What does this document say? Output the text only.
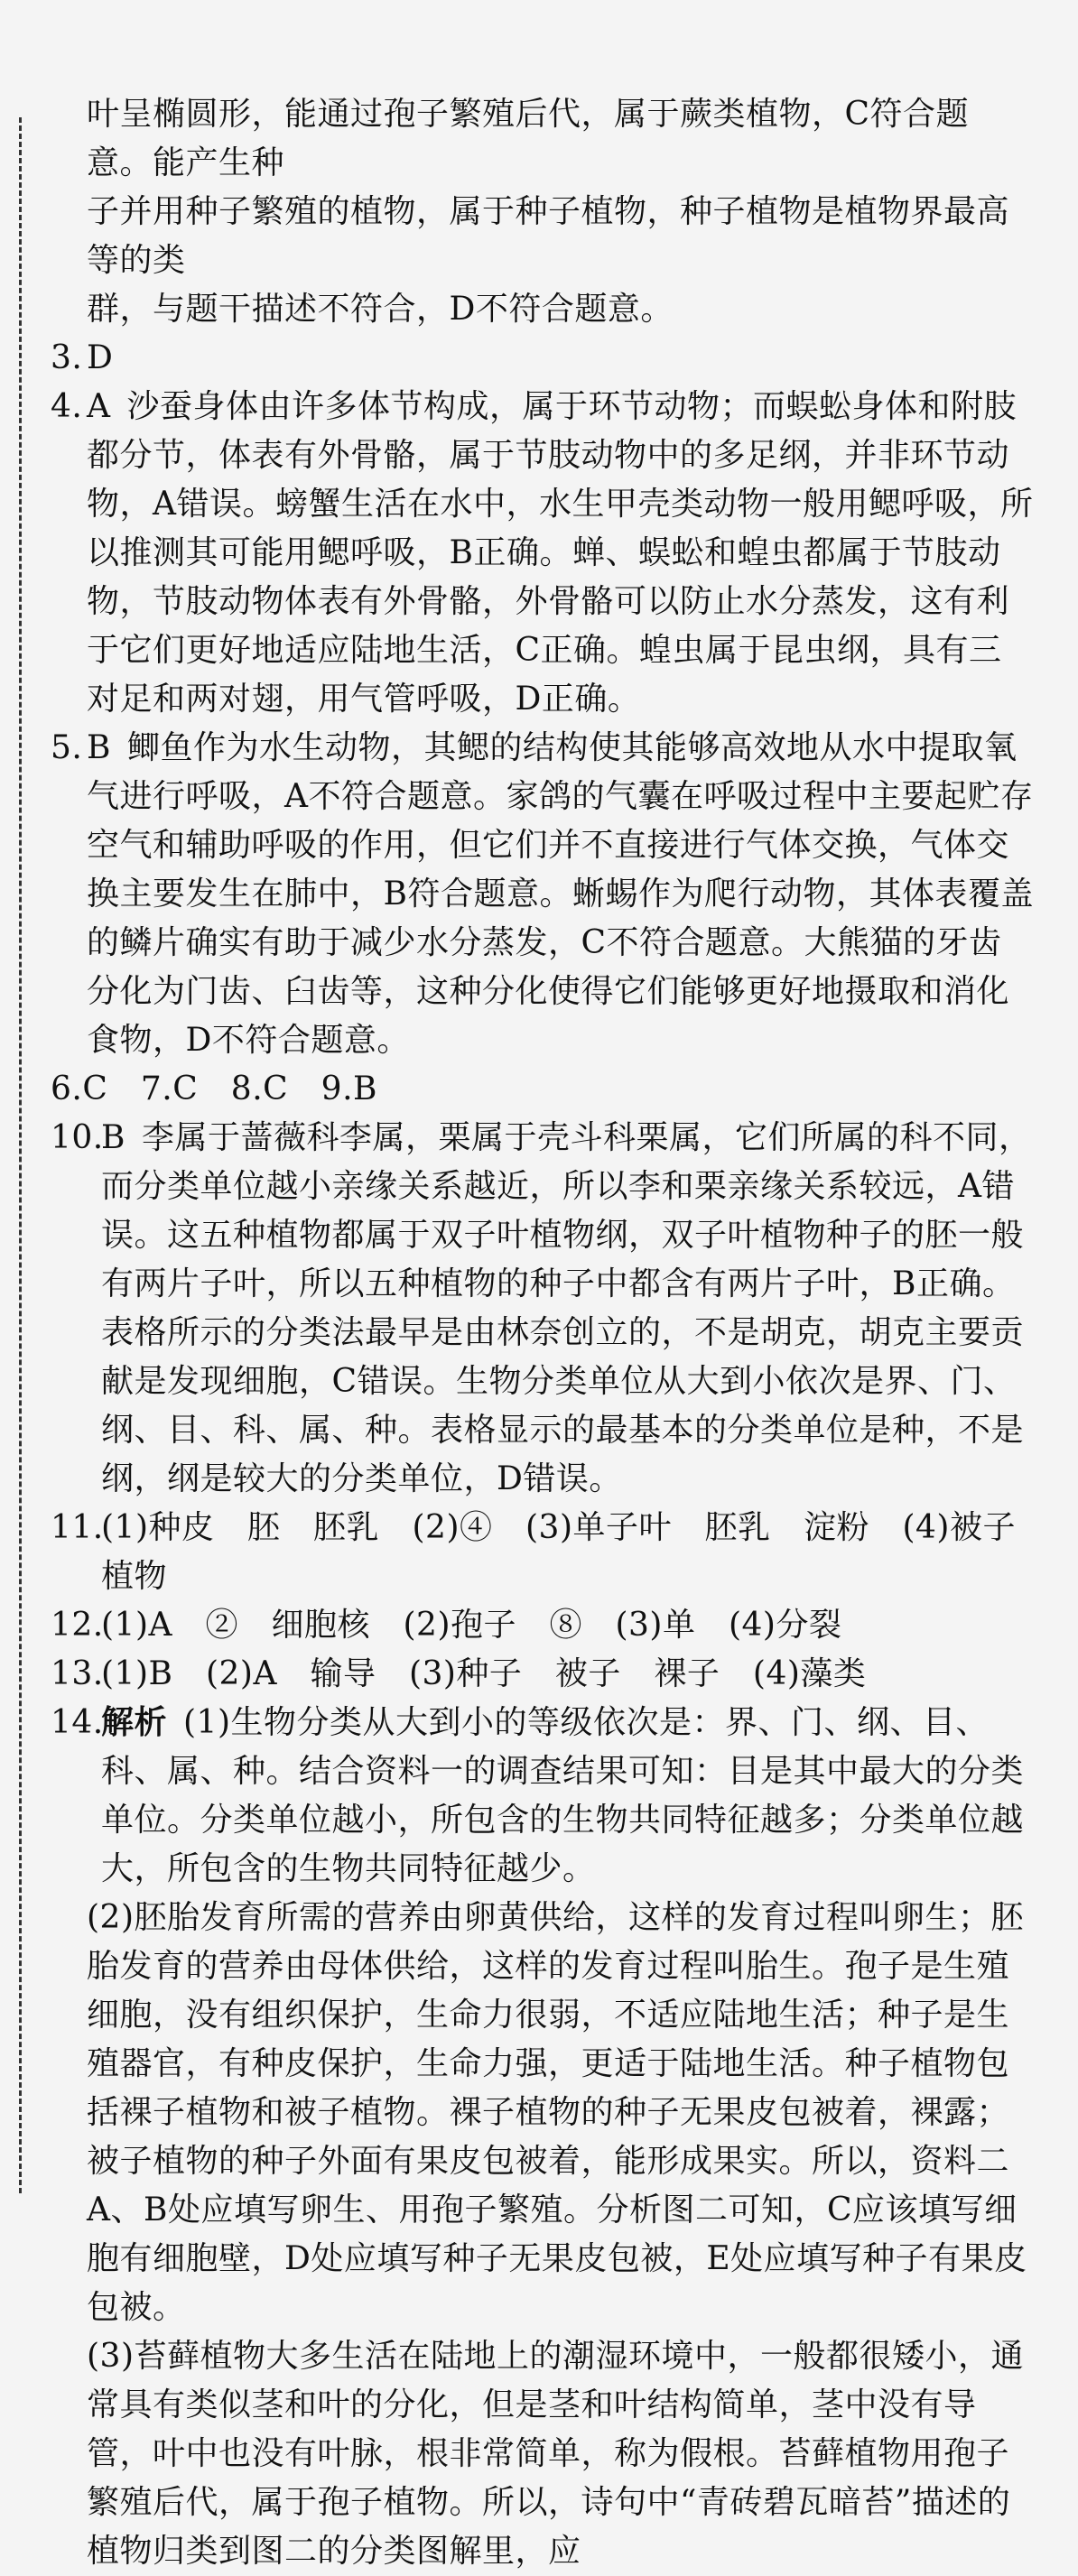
叶呈椭圆形，能通过孢子繁殖后代，属于蕨类植物，C符合题意。能产生种

子并用种子繁殖的植物，属于种子植物，种子植物是植物界最高等的类

群，与题干描述不符合，D不符合题意。

3. D
4. A 沙蚕身体由许多体节构成，属于环节动物；而蜈蚣身体和附肢都分节，体表有外骨骼，属于节肢动物中的多足纲，并非环节动物，A错误。螃蟹生活在水中，水生甲壳类动物一般用鳃呼吸，所以推测其可能用鳃呼吸，B正确。蝉、蜈蚣和蝗虫都属于节肢动物，节肢动物体表有外骨骼，外骨骼可以防止水分蒸发，这有利于它们更好地适应陆地生活，C正确。蝗虫属于昆虫纲，具有三对足和两对翅，用气管呼吸，D正确。
5. B 鲫鱼作为水生动物，其鳃的结构使其能够高效地从水中提取氧气进行呼吸，A不符合题意。家鸽的气囊在呼吸过程中主要起贮存空气和辅助呼吸的作用，但它们并不直接进行气体交换，气体交换主要发生在肺中，B符合题意。蜥蜴作为爬行动物，其体表覆盖的鳞片确实有助于减少水分蒸发，C不符合题意。大熊猫的牙齿分化为门齿、臼齿等，这种分化使得它们能够更好地摄取和消化食物，D不符合题意。

6.C　7.C　8.C　9.B

10.
B 李属于蔷薇科李属，栗属于壳斗科栗属，它们所属的科不同，而分类单位越小亲缘关系越近，所以李和栗亲缘关系较远，A错误。这五种植物都属于双子叶植物纲，双子叶植物种子的胚一般有两片子叶，所以五种植物的种子中都含有两片子叶，B正确。表格所示的分类法最早是由林奈创立的，不是胡克，胡克主要贡献是发现细胞，C错误。生物分类单位从大到小依次是界、门、纲、目、科、属、种。表格显示的最基本的分类单位是种，不是纲，纲是较大的分类单位，D错误。
11.
(1)种皮　胚　胚乳　(2)④　(3)单子叶　胚乳　淀粉　(4)被子植物
12.
(1)A　②　细胞核　(2)孢子　⑧　(3)单　(4)分裂
13.
(1)B　(2)A　输导　(3)种子　被子　裸子　(4)藻类
14.
解析 (1)生物分类从大到小的等级依次是：界、门、纲、目、科、属、种。结合资料一的调查结果可知：目是其中最大的分类单位。分类单位越小，所包含的生物共同特征越多；分类单位越大，所包含的生物共同特征越少。

(2)胚胎发育所需的营养由卵黄供给，这样的发育过程叫卵生；胚胎发育的营养由母体供给，这样的发育过程叫胎生。孢子是生殖细胞，没有组织保护，生命力很弱，不适应陆地生活；种子是生殖器官，有种皮保护，生命力强，更适于陆地生活。种子植物包括裸子植物和被子植物。裸子植物的种子无果皮包被着，裸露；被子植物的种子外面有果皮包被着，能形成果实。所以，资料二A、B处应填写卵生、用孢子繁殖。分析图二可知，C应该填写细胞有细胞壁，D处应填写种子无果皮包被，E处应填写种子有果皮包被。

(3)苔藓植物大多生活在陆地上的潮湿环境中，一般都很矮小，通常具有类似茎和叶的分化，但是茎和叶结构简单，茎中没有导管，叶中也没有叶脉，根非常简单，称为假根。苔藓植物用孢子繁殖后代，属于孢子植物。所以，诗句中“青砖碧瓦暗苔”描述的植物归类到图二的分类图解里，应
